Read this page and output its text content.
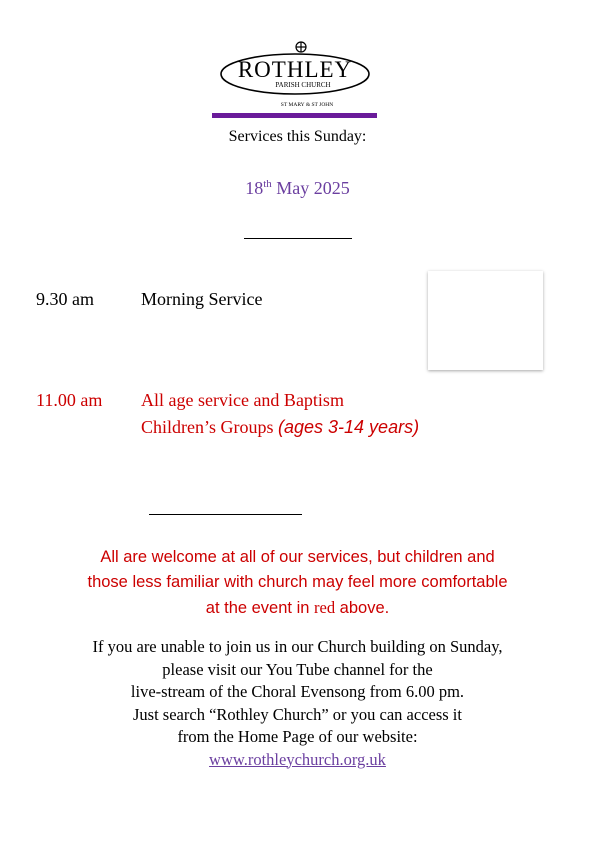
ROTHLEY
PARISH CHURCH
ST MARY & ST JOHN
Services this Sunday:
18th May 2025
9.30 am	Morning Service
11.00 am All age service and Baptism
Children’s Groups (ages 3-14 years)
All are welcome at all of our services, but children and
those less familiar with church may feel more comfortable
at the event in red above.
If you are unable to join us in our Church building on Sunday,
please visit our You Tube channel for the
live-stream of the Choral Evensong from 6.00 pm.
Just search “Rothley Church” or you can access it
from the Home Page of our website:
www.rothleychurch.org.uk
